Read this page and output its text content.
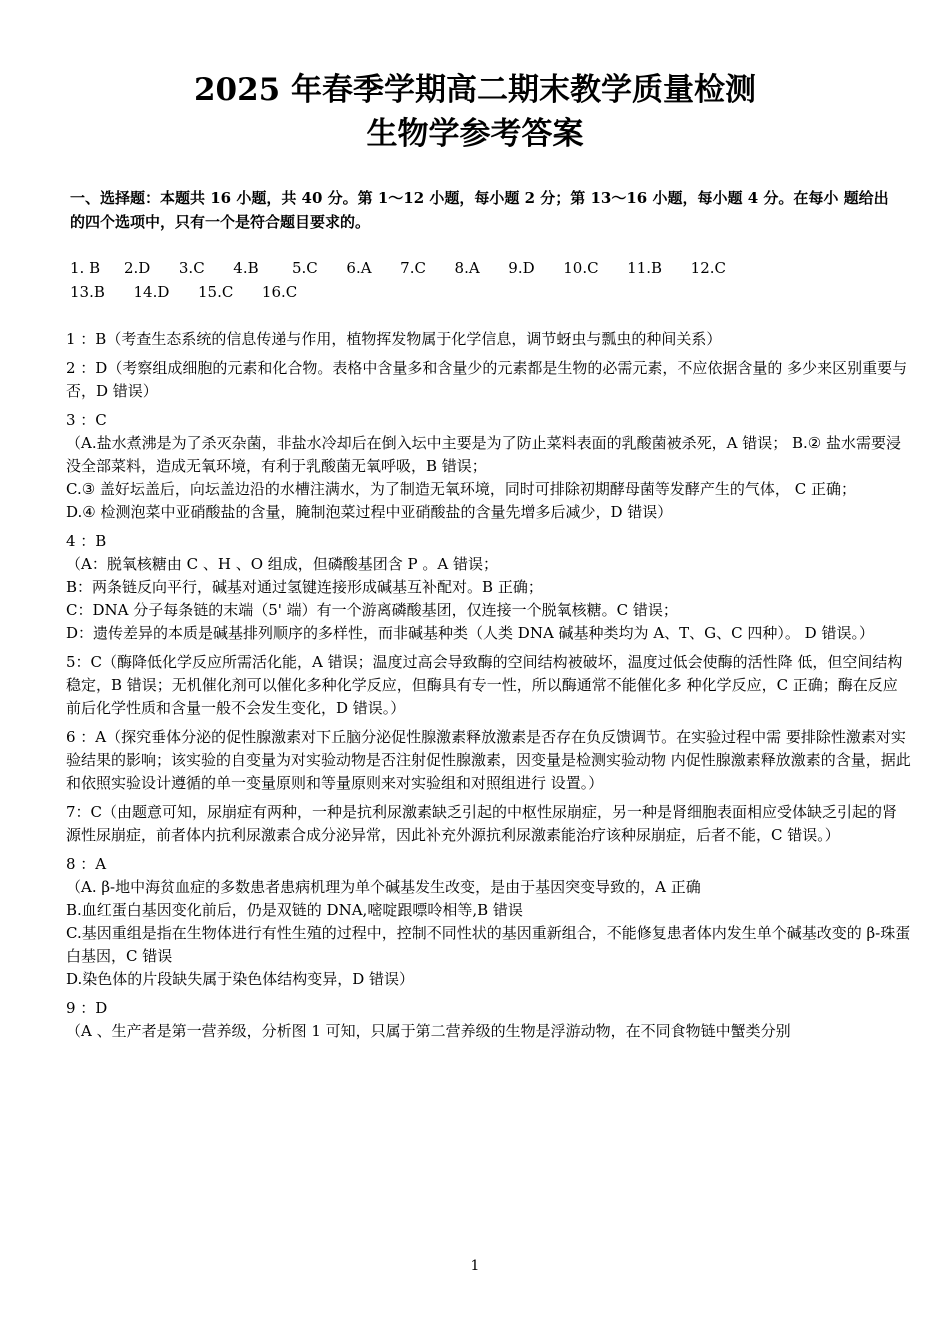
2025 年春季学期高二期末教学质量检测
生物学参考答案
一、选择题：本题共 16 小题，共 40 分。第 1～12 小题，每小题 2 分；第 13～16 小题，每小题 4 分。在每小 题给出的四个选项中，只有一个是符合题目要求的。
1. B     2.D      3.C      4.B       5.C      6.A      7.C      8.A      9.D      10.C      11.B      12.C
13.B      14.D      15.C      16.C

1 ：B（考查生态系统的信息传递与作用，植物挥发物属于化学信息，调节蚜虫与瓢虫的种间关系）

2 ：D（考察组成细胞的元素和化合物。表格中含量多和含量少的元素都是生物的必需元素，不应依据含量的 多少来区别重要与否，D 错误）

3 ：C

（A.盐水煮沸是为了杀灭杂菌，非盐水冷却后在倒入坛中主要是为了防止菜料表面的乳酸菌被杀死，A 错误； B.② 盐水需要浸没全部菜料，造成无氧环境，有利于乳酸菌无氧呼吸，B 错误；

C.③ 盖好坛盖后，向坛盖边沿的水槽注满水，为了制造无氧环境，同时可排除初期酵母菌等发酵产生的气体， C 正确；

D.④ 检测泡菜中亚硝酸盐的含量，腌制泡菜过程中亚硝酸盐的含量先增多后减少，D 错误）

4 ：B

（A：脱氧核糖由 C 、H 、O 组成，但磷酸基团含 P 。A 错误；

B：两条链反向平行，碱基对通过氢键连接形成碱基互补配对。B 正确；

C：DNA 分子每条链的末端（5' 端）有一个游离磷酸基团，仅连接一个脱氧核糖。C 错误；

D：遗传差异的本质是碱基排列顺序的多样性，而非碱基种类（人类 DNA 碱基种类均为 A、T、G、C 四种）。 D 错误。）

5：C（酶降低化学反应所需活化能，A 错误；温度过高会导致酶的空间结构被破坏，温度过低会使酶的活性降 低，但空间结构稳定，B 错误；无机催化剂可以催化多种化学反应，但酶具有专一性，所以酶通常不能催化多 种化学反应，C 正确；酶在反应前后化学性质和含量一般不会发生变化，D 错误。）

6 ：A（探究垂体分泌的促性腺激素对下丘脑分泌促性腺激素释放激素是否存在负反馈调节。在实验过程中需 要排除性激素对实验结果的影响；该实验的自变量为对实验动物是否注射促性腺激素，因变量是检测实验动物 内促性腺激素释放激素的含量，据此和依照实验设计遵循的单一变量原则和等量原则来对实验组和对照组进行 设置。）

7：C（由题意可知，尿崩症有两种，一种是抗利尿激素缺乏引起的中枢性尿崩症，另一种是肾细胞表面相应受体缺乏引起的肾源性尿崩症，前者体内抗利尿激素合成分泌异常，因此补充外源抗利尿激素能治疗该种尿崩症，后者不能，C 错误。）

8 ：A

（A. β-地中海贫血症的多数患者患病机理为单个碱基发生改变，是由于基因突变导致的，A 正确

B.血红蛋白基因变化前后，仍是双链的 DNA,嘧啶跟嘌呤相等,B 错误

C.基因重组是指在生物体进行有性生殖的过程中，控制不同性状的基因重新组合，不能修复患者体内发生单个碱基改变的 β-珠蛋白基因，C 错误

D.染色体的片段缺失属于染色体结构变异，D 错误）

9 ：D

（A 、生产者是第一营养级，分析图 1 可知，只属于第二营养级的生物是浮游动物，在不同食物链中蟹类分别

1
